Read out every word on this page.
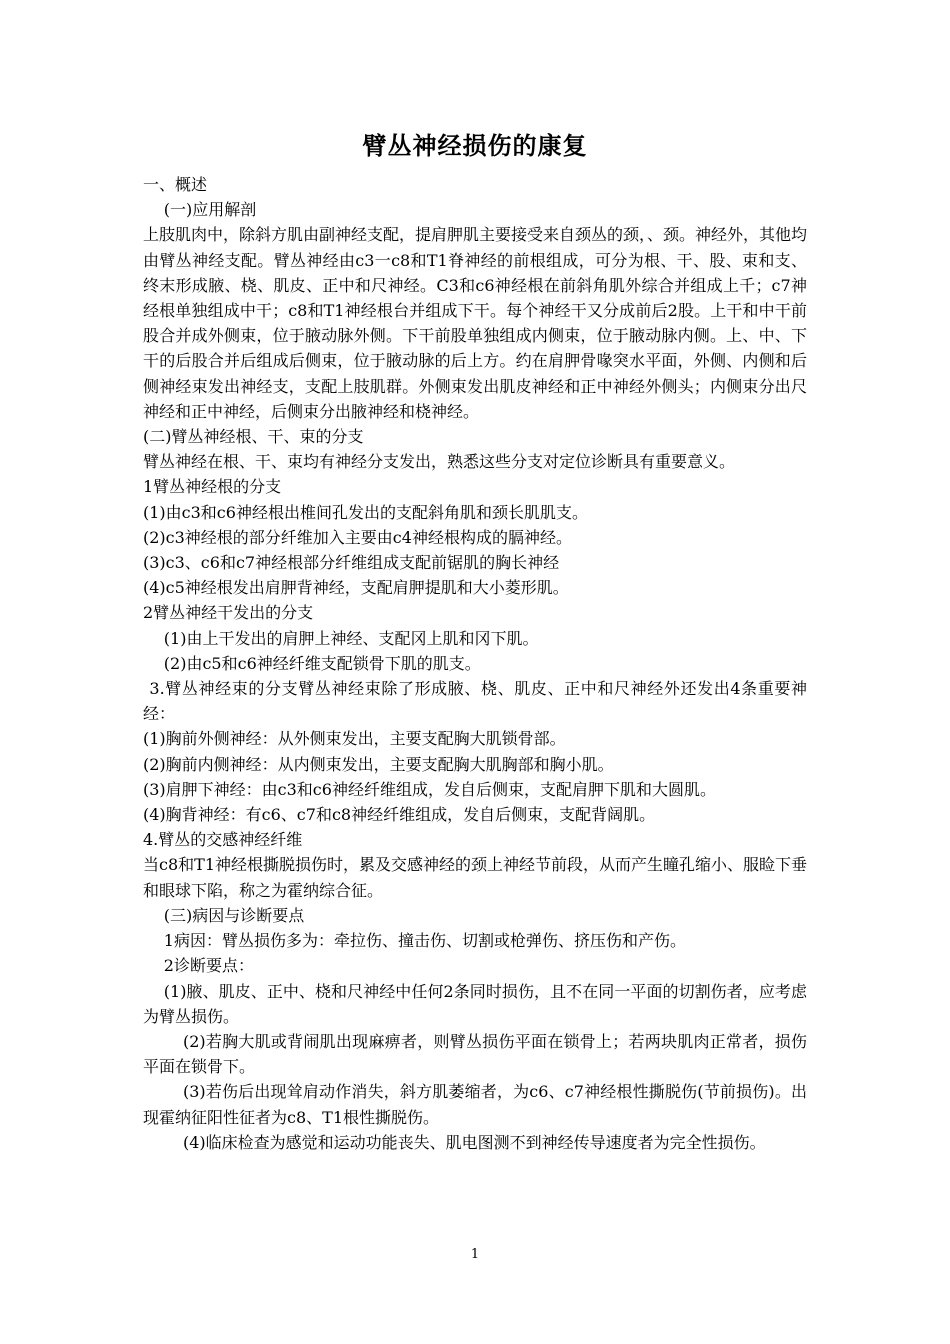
臂丛神经损伤的康复

一、概述

(一)应用解剖

上肢肌肉中，除斜方肌由副神经支配，提肩胛肌主要接受来自颈丛的颈，、颈。神经外，其他均由臂丛神经支配。臂丛神经由c3一c8和T1脊神经的前根组成，可分为根、干、股、束和支、终末形成腋、桡、肌皮、正中和尺神经。C3和c6神经根在前斜角肌外综合并组成上千；c7神经根单独组成中干；c8和T1神经根台并组成下干。每个神经干又分成前后2股。上干和中干前股合并成外侧束，位于腋动脉外侧。下干前股单独组成内侧束，位于腋动脉内侧。上、中、下干的后股合并后组成后侧束，位于腋动脉的后上方。约在肩胛骨喙突水平面，外侧、内侧和后侧神经束发出神经支，支配上肢肌群。外侧束发出肌皮神经和正中神经外侧头；内侧束分出尺神经和正中神经，后侧束分出腋神经和桡神经。

(二)臂丛神经根、干、束的分支

臂丛神经在根、干、束均有神经分支发出，熟悉这些分支对定位诊断具有重要意义。

1臂丛神经根的分支

(1)由c3和c6神经根出椎间孔发出的支配斜角肌和颈长肌肌支。

(2)c3神经根的部分纤维加入主要由c4神经根构成的膈神经。

(3)c3、c6和c7神经根部分纤维组成支配前锯肌的胸长神经

(4)c5神经根发出肩胛背神经，支配肩胛提肌和大小菱形肌。

2臂丛神经干发出的分支

(1)由上干发出的肩胛上神经、支配冈上肌和冈下肌。

(2)由c5和c6神经纤维支配锁骨下肌的肌支。

3.臂丛神经束的分支臂丛神经束除了形成腋、桡、肌皮、正中和尺神经外还发出4条重要神经：

(1)胸前外侧神经：从外侧束发出，主要支配胸大肌锁骨部。

(2)胸前内侧神经：从内侧束发出，主要支配胸大肌胸部和胸小肌。

(3)肩胛下神经：由c3和c6神经纤维组成，发自后侧束，支配肩胛下肌和大圆肌。

(4)胸背神经：有c6、c7和c8神经纤维组成，发自后侧束，支配背阔肌。

4.臂丛的交感神经纤维

当c8和T1神经根撕脱损伤时，累及交感神经的颈上神经节前段，从而产生瞳孔缩小、服睑下垂和眼球下陷，称之为霍纳综合征。

(三)病因与诊断要点

1病因：臂丛损伤多为：牵拉伤、撞击伤、切割或枪弹伤、挤压伤和产伤。

2诊断要点：

(1)腋、肌皮、正中、桡和尺神经中任何2条同时损伤，且不在同一平面的切割伤者，应考虑为臂丛损伤。

(2)若胸大肌或背闹肌出现麻痹者，则臂丛损伤平面在锁骨上；若两块肌肉正常者，损伤平面在锁骨下。

(3)若伤后出现耸肩动作消失，斜方肌萎缩者，为c6、c7神经根性撕脱伤(节前损伤)。出现霍纳征阳性征者为c8、T1根性撕脱伤。

(4)临床检查为感觉和运动功能丧失、肌电图测不到神经传导速度者为完全性损伤。

1
